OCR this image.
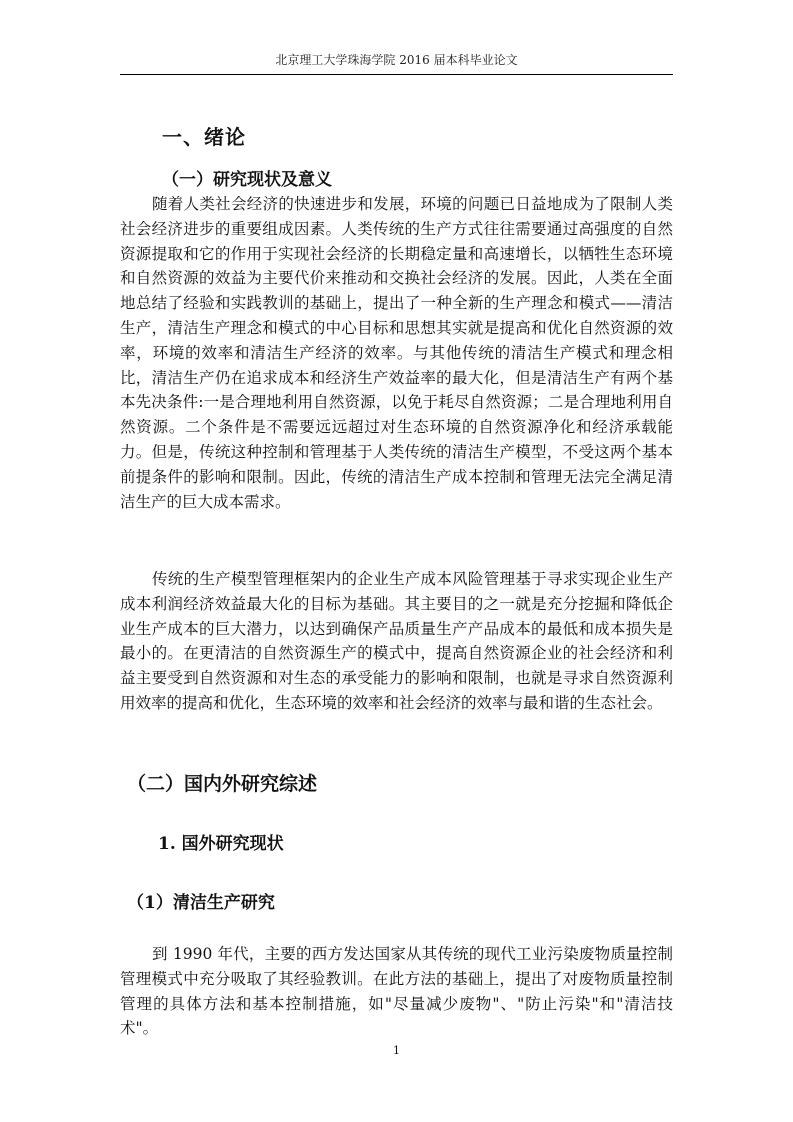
北京理工大学珠海学院 2016 届本科毕业论文
一、绪论
（一）研究现状及意义

随着人类社会经济的快速进步和发展，环境的问题已日益地成为了限制人类社会经济进步的重要组成因素。人类传统的生产方式往往需要通过高强度的自然资源提取和它的作用于实现社会经济的长期稳定量和高速增长，以牺牲生态环境和自然资源的效益为主要代价来推动和交换社会经济的发展。因此，人类在全面地总结了经验和实践教训的基础上，提出了一种全新的生产理念和模式——清洁生产，清洁生产理念和模式的中心目标和思想其实就是提高和优化自然资源的效率，环境的效率和清洁生产经济的效率。与其他传统的清洁生产模式和理念相比，清洁生产仍在追求成本和经济生产效益率的最大化，但是清洁生产有两个基本先决条件:一是合理地利用自然资源，以免于耗尽自然资源；二是合理地利用自然资源。二个条件是不需要远远超过对生态环境的自然资源净化和经济承载能力。但是，传统这种控制和管理基于人类传统的清洁生产模型，不受这两个基本前提条件的影响和限制。因此，传统的清洁生产成本控制和管理无法完全满足清洁生产的巨大成本需求。

传统的生产模型管理框架内的企业生产成本风险管理基于寻求实现企业生产成本利润经济效益最大化的目标为基础。其主要目的之一就是充分挖掘和降低企业生产成本的巨大潜力，以达到确保产品质量生产产品成本的最低和成本损失是最小的。在更清洁的自然资源生产的模式中，提高自然资源企业的社会经济和利益主要受到自然资源和对生态的承受能力的影响和限制，也就是寻求自然资源利用效率的提高和优化，生态环境的效率和社会经济的效率与最和谐的生态社会。

（二）国内外研究综述
1. 国外研究现状
（1）清洁生产研究

到 1990 年代，主要的西方发达国家从其传统的现代工业污染废物质量控制管理模式中充分吸取了其经验教训。在此方法的基础上，提出了对废物质量控制管理的具体方法和基本控制措施，如"尽量减少废物"、"防止污染"和"清洁技术"。

1
